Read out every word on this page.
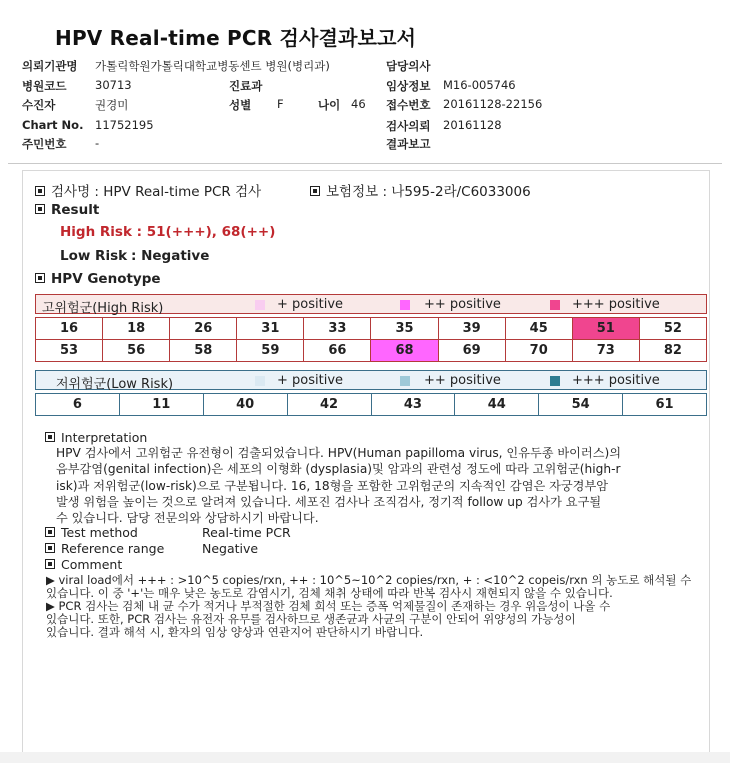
HPV Real-time PCR 검사결과보고서
의뢰기관명 가톨릭학원가톨릭대학교병동센트 병원(병리과)
병원코드 30713
수진자	권경미
Chart No. 11752195
주민번호 -
진료과
성별 F	나이 46
담당의사
임상정보 M16-005746
접수번호 20161128-22156
검사의뢰 20161128
결과보고
검사명 : HPV Real-time PCR 검사	보험정보 : 나595-2라/C6033006
Result
High Risk : 51(+++), 68(++)
Low Risk : Negative
HPV Genotype
고위험군(High Risk)	+ positive	++ positive	+++ positive
16	18	26	31	33	35	39	45	51	52
53	56	58	59	66	68	69	70	73	82
저위험군(Low Risk)	+ positive	++ positive	+++ positive
6	11	40	42	43	44	54	61
Interpretation
HPV 검사에서 고위험군 유전형이 검출되었습니다. HPV(Human papilloma virus, 인유두종 바이러스)의
음부감염(genital infection)은 세포의 이형화 (dysplasia)및 암과의 관련성 정도에 따라 고위험군(high-r
isk)과 저위험군(low-risk)으로 구분됩니다. 16, 18형을 포함한 고위험군의 지속적인 감염은 자궁경부암
발생 위험을 높이는 것으로 알려져 있습니다. 세포진 검사나 조직검사, 정기적 follow up 검사가 요구될
수 있습니다. 담당 전문의와 상담하시기 바랍니다.
Test method	Real-time PCR
Reference range	Negative
Comment
▶ viral load에서 +++ : >10^5 copies/rxn, ++ : 10^5~10^2 copies/rxn, + : <10^2 copeis/rxn 의 농도로 해석될 수
있습니다. 이 중 '+'는 매우 낮은 농도로 감염시기, 검체 채취 상태에 따라 반복 검사시 재현되지 않을 수 있습니다.
▶ PCR 검사는 검체 내 균 수가 적거나 부적절한 검체 희석 또는 증폭 억제물질이 존재하는 경우 위음성이 나올 수
있습니다. 또한, PCR 검사는 유전자 유무를 검사하므로 생존균과 사균의 구분이 안되어 위양성의 가능성이
있습니다. 결과 해석 시, 환자의 임상 양상과 연관지어 판단하시기 바랍니다.
